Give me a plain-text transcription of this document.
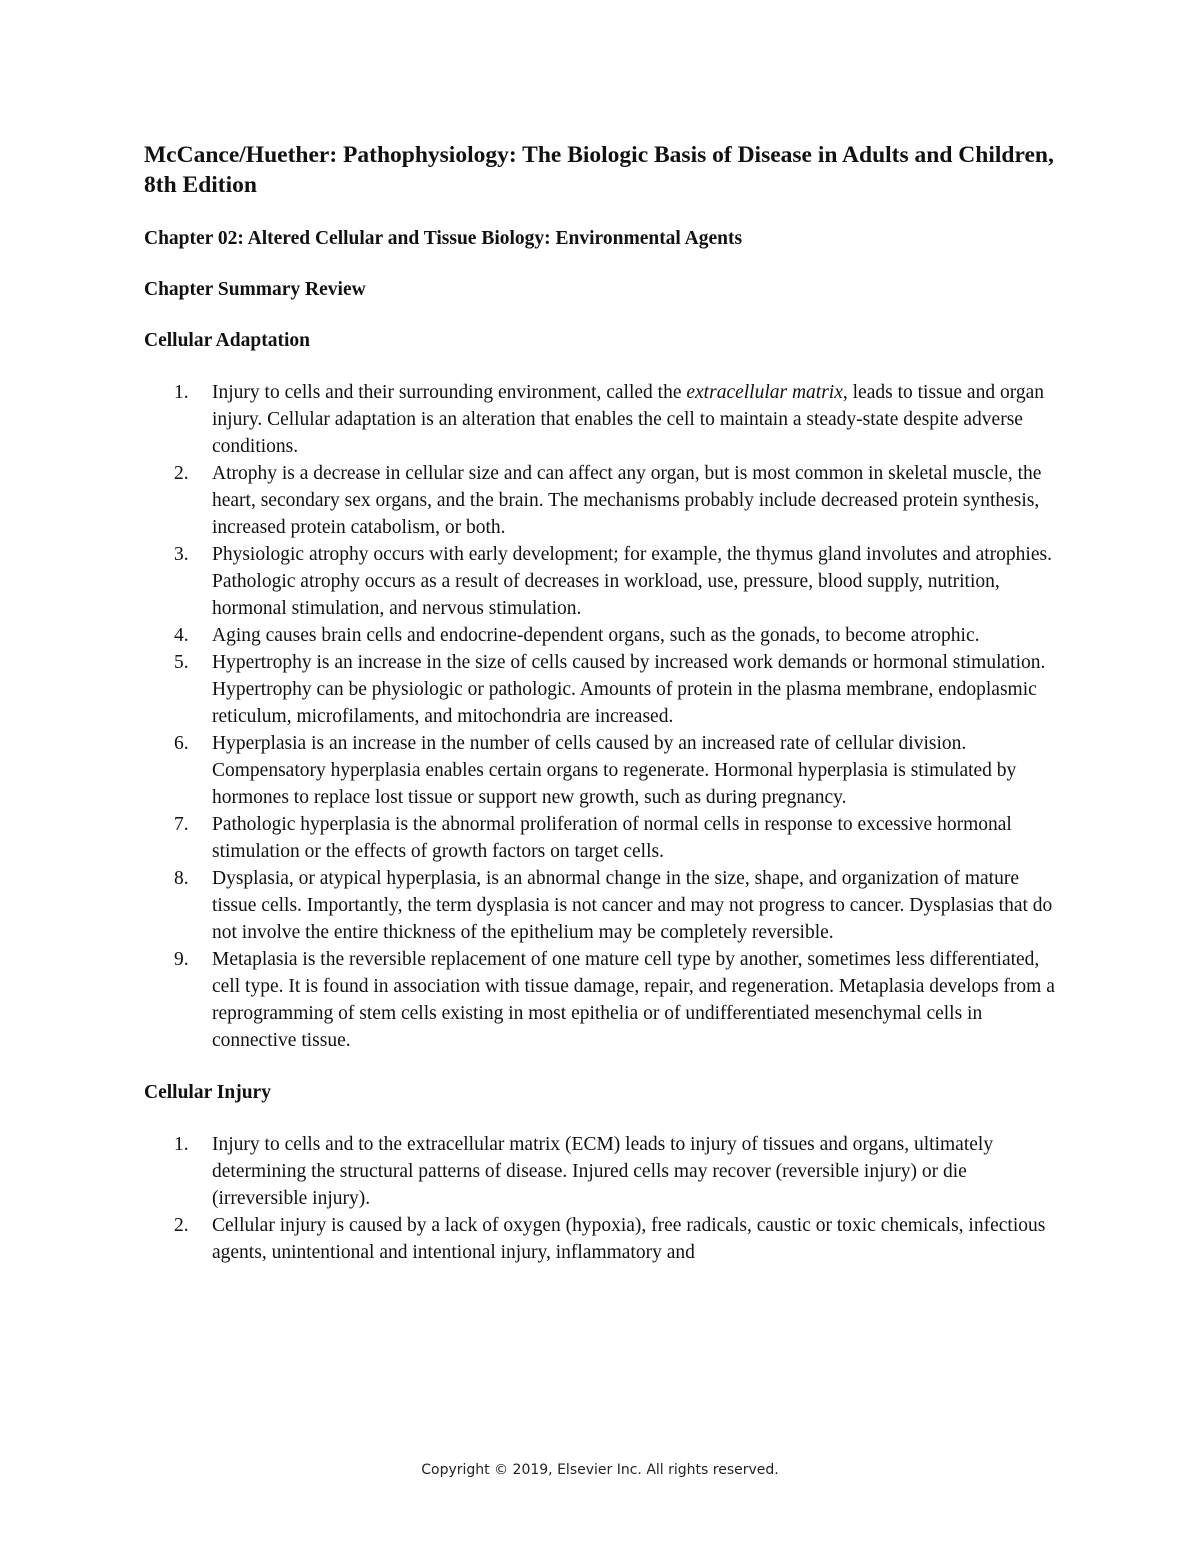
McCance/Huether: Pathophysiology: The Biologic Basis of Disease in Adults and Children, 8th Edition
Chapter 02: Altered Cellular and Tissue Biology: Environmental Agents
Chapter Summary Review
Cellular Adaptation
1.	Injury to cells and their surrounding environment, called the extracellular matrix, leads to tissue and organ injury. Cellular adaptation is an alteration that enables the cell to maintain a steady-state despite adverse conditions.
2.	Atrophy is a decrease in cellular size and can affect any organ, but is most common in skeletal muscle, the heart, secondary sex organs, and the brain. The mechanisms probably include decreased protein synthesis, increased protein catabolism, or both.
3.	Physiologic atrophy occurs with early development; for example, the thymus gland involutes and atrophies. Pathologic atrophy occurs as a result of decreases in workload, use, pressure, blood supply, nutrition, hormonal stimulation, and nervous stimulation.
4.	Aging causes brain cells and endocrine-dependent organs, such as the gonads, to become atrophic.
5.	Hypertrophy is an increase in the size of cells caused by increased work demands or hormonal stimulation. Hypertrophy can be physiologic or pathologic. Amounts of protein in the plasma membrane, endoplasmic reticulum, microfilaments, and mitochondria are increased.
6.	Hyperplasia is an increase in the number of cells caused by an increased rate of cellular division. Compensatory hyperplasia enables certain organs to regenerate. Hormonal hyperplasia is stimulated by hormones to replace lost tissue or support new growth, such as during pregnancy.
7.	Pathologic hyperplasia is the abnormal proliferation of normal cells in response to excessive hormonal stimulation or the effects of growth factors on target cells.
8.	Dysplasia, or atypical hyperplasia, is an abnormal change in the size, shape, and organization of mature tissue cells. Importantly, the term dysplasia is not cancer and may not progress to cancer. Dysplasias that do not involve the entire thickness of the epithelium may be completely reversible.
9.	Metaplasia is the reversible replacement of one mature cell type by another, sometimes less differentiated, cell type. It is found in association with tissue damage, repair, and regeneration. Metaplasia develops from a reprogramming of stem cells existing in most epithelia or of undifferentiated mesenchymal cells in connective tissue.
Cellular Injury
1.	Injury to cells and to the extracellular matrix (ECM) leads to injury of tissues and organs, ultimately determining the structural patterns of disease. Injured cells may recover (reversible injury) or die (irreversible injury).
2.	Cellular injury is caused by a lack of oxygen (hypoxia), free radicals, caustic or toxic chemicals, infectious agents, unintentional and intentional injury, inflammatory and
Copyright © 2019, Elsevier Inc. All rights reserved.
